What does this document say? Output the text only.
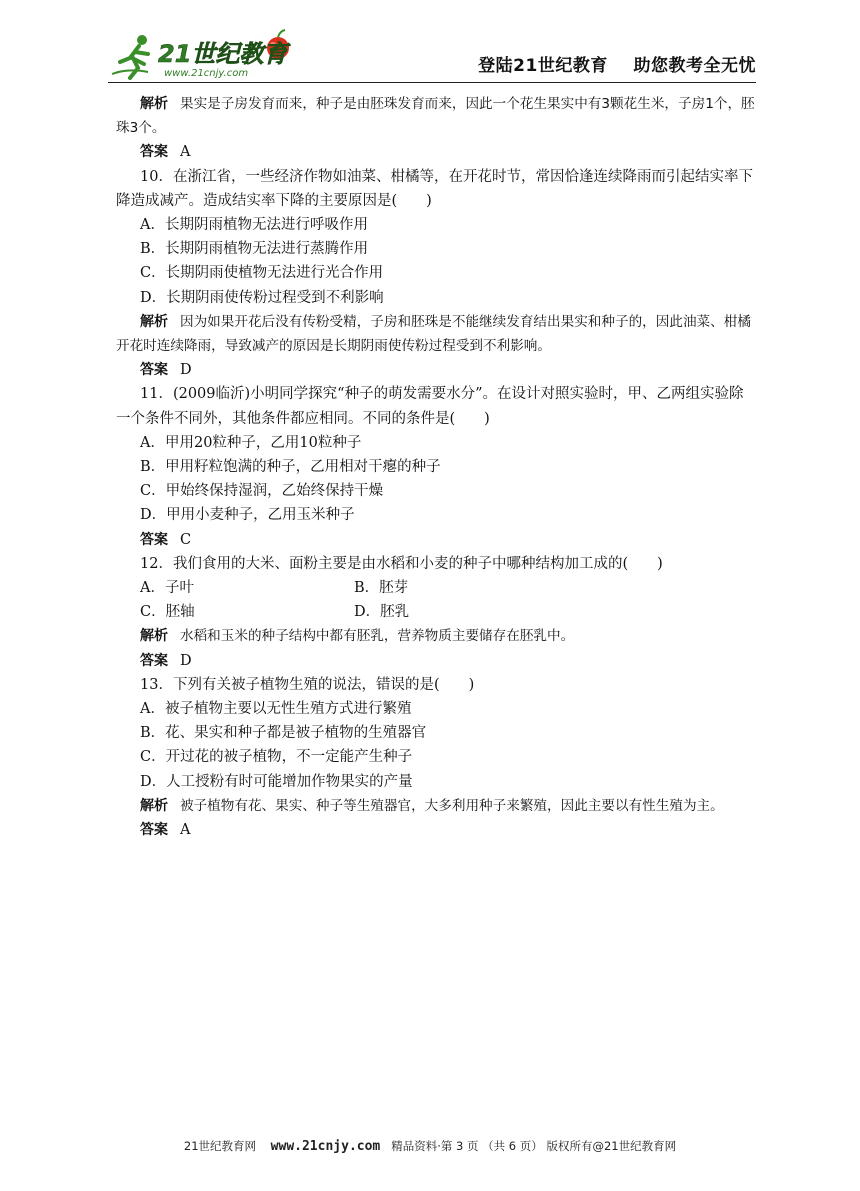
21世纪教育
www.21cnjy.com	登陆21世纪教育    助您教考全无忧

解析 果实是子房发育而来，种子是由胚珠发育而来，因此一个花生果实中有3颗花生米，子房1个，胚珠3个。

答案 A

10．在浙江省，一些经济作物如油菜、柑橘等，在开花时节，常因恰逢连续降雨而引起结实率下降造成减产。造成结实率下降的主要原因是(　　)

A．长期阴雨植物无法进行呼吸作用

B．长期阴雨植物无法进行蒸腾作用

C．长期阴雨使植物无法进行光合作用

D．长期阴雨使传粉过程受到不利影响

解析 因为如果开花后没有传粉受精，子房和胚珠是不能继续发育结出果实和种子的，因此油菜、柑橘开花时连续降雨，导致减产的原因是长期阴雨使传粉过程受到不利影响。

答案 D

11．(2009临沂)小明同学探究“种子的萌发需要水分”。在设计对照实验时，甲、乙两组实验除一个条件不同外，其他条件都应相同。不同的条件是(　　)

A．甲用20粒种子，乙用10粒种子

B．甲用籽粒饱满的种子，乙用相对干瘪的种子

C．甲始终保持湿润，乙始终保持干燥

D．甲用小麦种子，乙用玉米种子

答案 C

12．我们食用的大米、面粉主要是由水稻和小麦的种子中哪种结构加工成的(　　)

A．子叶	B．胚芽
C．胚轴	D．胚乳

解析 水稻和玉米的种子结构中都有胚乳，营养物质主要储存在胚乳中。

答案 D

13．下列有关被子植物生殖的说法，错误的是(　　)

A．被子植物主要以无性生殖方式进行繁殖

B．花、果实和种子都是被子植物的生殖器官

C．开过花的被子植物，不一定能产生种子

D．人工授粉有时可能增加作物果实的产量

解析 被子植物有花、果实、种子等生殖器官，大多利用种子来繁殖，因此主要以有性生殖为主。

答案 A

21世纪教育网 www.21cnjy.com 精品资料·第 3 页 （共 6 页） 版权所有@21世纪教育网
